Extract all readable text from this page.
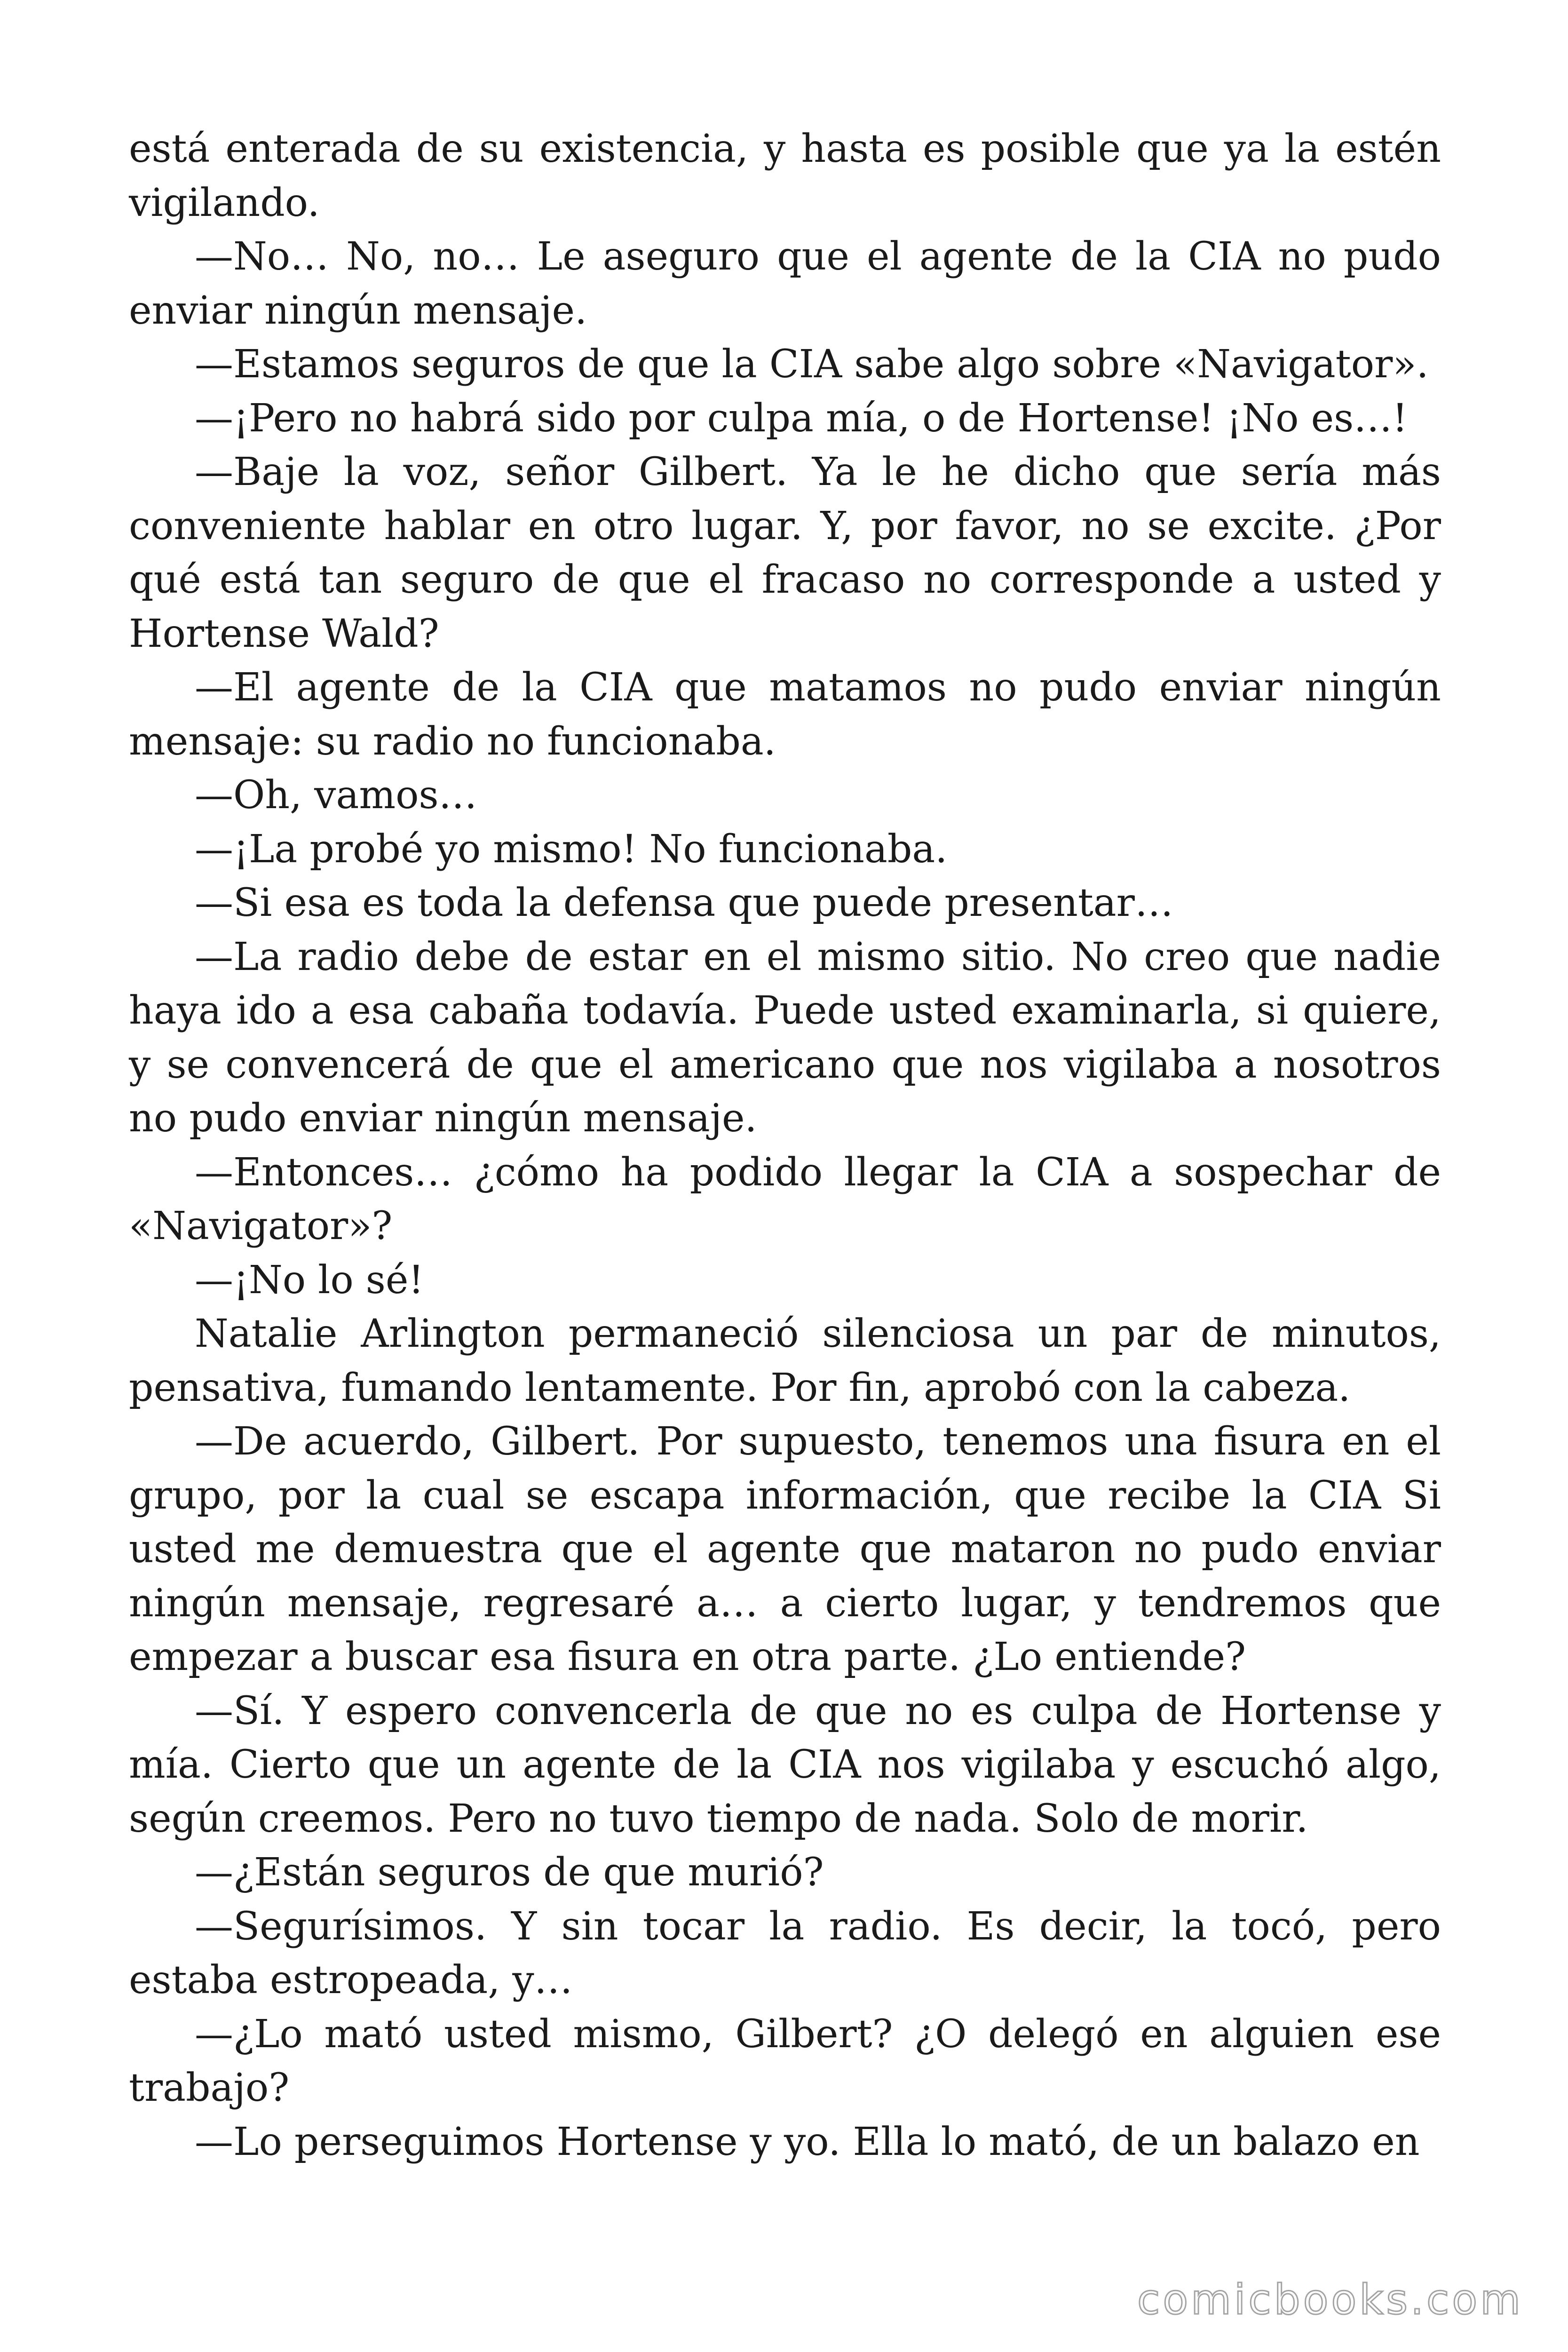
está enterada de su existencia, y hasta es posible que ya la estén vigilando.

—No… No, no… Le aseguro que el agente de la CIA no pudo enviar ningún mensaje.

—Estamos seguros de que la CIA sabe algo sobre «Navigator».

—¡Pero no habrá sido por culpa mía, o de Hortense! ¡No es…!

—Baje la voz, señor Gilbert. Ya le he dicho que sería más conveniente hablar en otro lugar. Y, por favor, no se excite. ¿Por qué está tan seguro de que el fracaso no corresponde a usted y Hortense Wald?

—El agente de la CIA que matamos no pudo enviar ningún mensaje: su radio no funcionaba.

—Oh, vamos…

—¡La probé yo mismo! No funcionaba.

—Si esa es toda la defensa que puede presentar…

—La radio debe de estar en el mismo sitio. No creo que nadie haya ido a esa cabaña todavía. Puede usted examinarla, si quiere, y se convencerá de que el americano que nos vigilaba a nosotros no pudo enviar ningún mensaje.

—Entonces… ¿cómo ha podido llegar la CIA a sospechar de «Navigator»?

—¡No lo sé!

Natalie Arlington permaneció silenciosa un par de minutos, pensativa, fumando lentamente. Por fin, aprobó con la cabeza.

—De acuerdo, Gilbert. Por supuesto, tenemos una fisura en el grupo, por la cual se escapa información, que recibe la CIA Si usted me demuestra que el agente que mataron no pudo enviar ningún mensaje, regresaré a… a cierto lugar, y tendremos que empezar a buscar esa fisura en otra parte. ¿Lo entiende?

—Sí. Y espero convencerla de que no es culpa de Hortense y mía. Cierto que un agente de la CIA nos vigilaba y escuchó algo, según creemos. Pero no tuvo tiempo de nada. Solo de morir.

—¿Están seguros de que murió?

—Segurísimos. Y sin tocar la radio. Es decir, la tocó, pero estaba estropeada, y…

—¿Lo mató usted mismo, Gilbert? ¿O delegó en alguien ese trabajo?

—Lo perseguimos Hortense y yo. Ella lo mató, de un balazo en

comicbooks.com
